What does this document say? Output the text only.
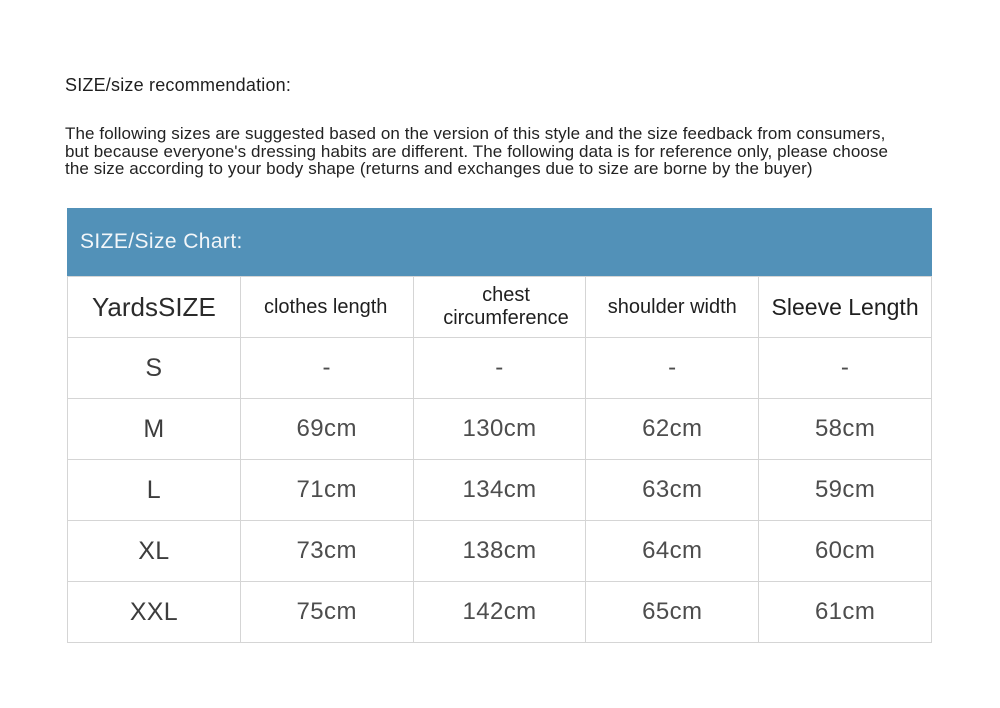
SIZE/size recommendation:
The following sizes are suggested based on the version of this style and the size feedback from consumers,
but because everyone's dressing habits are different. The following data is for reference only, please choose
the size according to your body shape (returns and exchanges due to size are borne by the buyer)
SIZE/Size Chart:
YardsSIZE	clothes length	chest circumference	shoulder width	Sleeve Length
S	-	-	-	-
M	69cm	130cm	62cm	58cm
L	71cm	134cm	63cm	59cm
XL	73cm	138cm	64cm	60cm
XXL	75cm	142cm	65cm	61cm
